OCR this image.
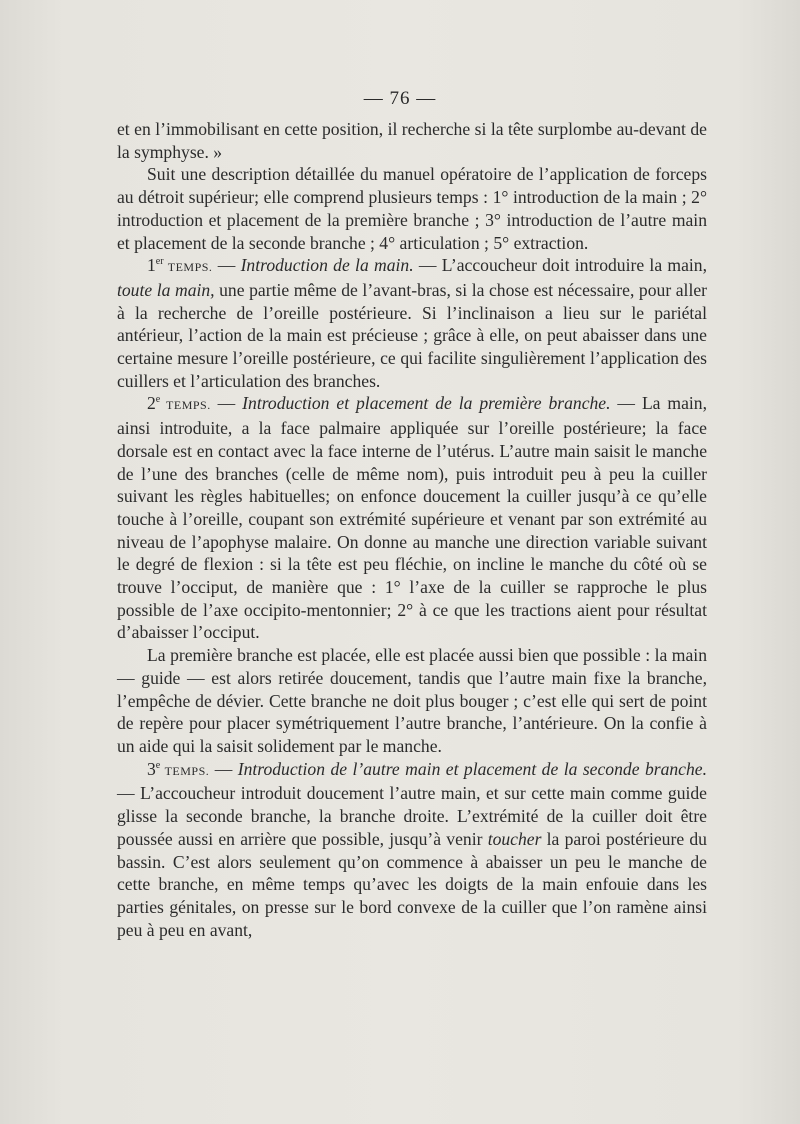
— 76 —

et en l’immobilisant en cette position, il recherche si la tête surplombe au-devant de la symphyse. »

Suit une description détaillée du manuel opératoire de l’application de forceps au détroit supérieur; elle comprend plusieurs temps : 1° introduction de la main ; 2° introduction et placement de la première branche ; 3° introduction de l’autre main et placement de la seconde branche ; 4° articulation ; 5° extraction.

1er TEMPS. — Introduction de la main. — L’accoucheur doit introduire la main, toute la main, une partie même de l’avant-bras, si la chose est nécessaire, pour aller à la recherche de l’oreille postérieure. Si l’inclinaison a lieu sur le pariétal antérieur, l’action de la main est précieuse ; grâce à elle, on peut abaisser dans une certaine mesure l’oreille postérieure, ce qui facilite singulièrement l’application des cuillers et l’articulation des branches.

2e TEMPS. — Introduction et placement de la première branche. — La main, ainsi introduite, a la face palmaire appliquée sur l’oreille postérieure; la face dorsale est en contact avec la face interne de l’utérus. L’autre main saisit le manche de l’une des branches (celle de même nom), puis introduit peu à peu la cuiller suivant les règles habituelles; on enfonce doucement la cuiller jusqu’à ce qu’elle touche à l’oreille, coupant son extrémité supérieure et venant par son extrémité au niveau de l’apophyse malaire. On donne au manche une direction variable suivant le degré de flexion : si la tête est peu fléchie, on incline le manche du côté où se trouve l’occiput, de manière que : 1° l’axe de la cuiller se rapproche le plus possible de l’axe occipito-mentonnier; 2° à ce que les tractions aient pour résultat d’abaisser l’occiput.

La première branche est placée, elle est placée aussi bien que possible : la main — guide — est alors retirée doucement, tandis que l’autre main fixe la branche, l’empêche de dévier. Cette branche ne doit plus bouger ; c’est elle qui sert de point de repère pour placer symétriquement l’autre branche, l’antérieure. On la confie à un aide qui la saisit solidement par le manche.

3e TEMPS. — Introduction de l’autre main et placement de la seconde branche. — L’accoucheur introduit doucement l’autre main, et sur cette main comme guide glisse la seconde branche, la branche droite. L’extrémité de la cuiller doit être poussée aussi en arrière que possible, jusqu’à venir toucher la paroi postérieure du bassin. C’est alors seulement qu’on commence à abaisser un peu le manche de cette branche, en même temps qu’avec les doigts de la main enfouie dans les parties génitales, on presse sur le bord convexe de la cuiller que l’on ramène ainsi peu à peu en avant,
